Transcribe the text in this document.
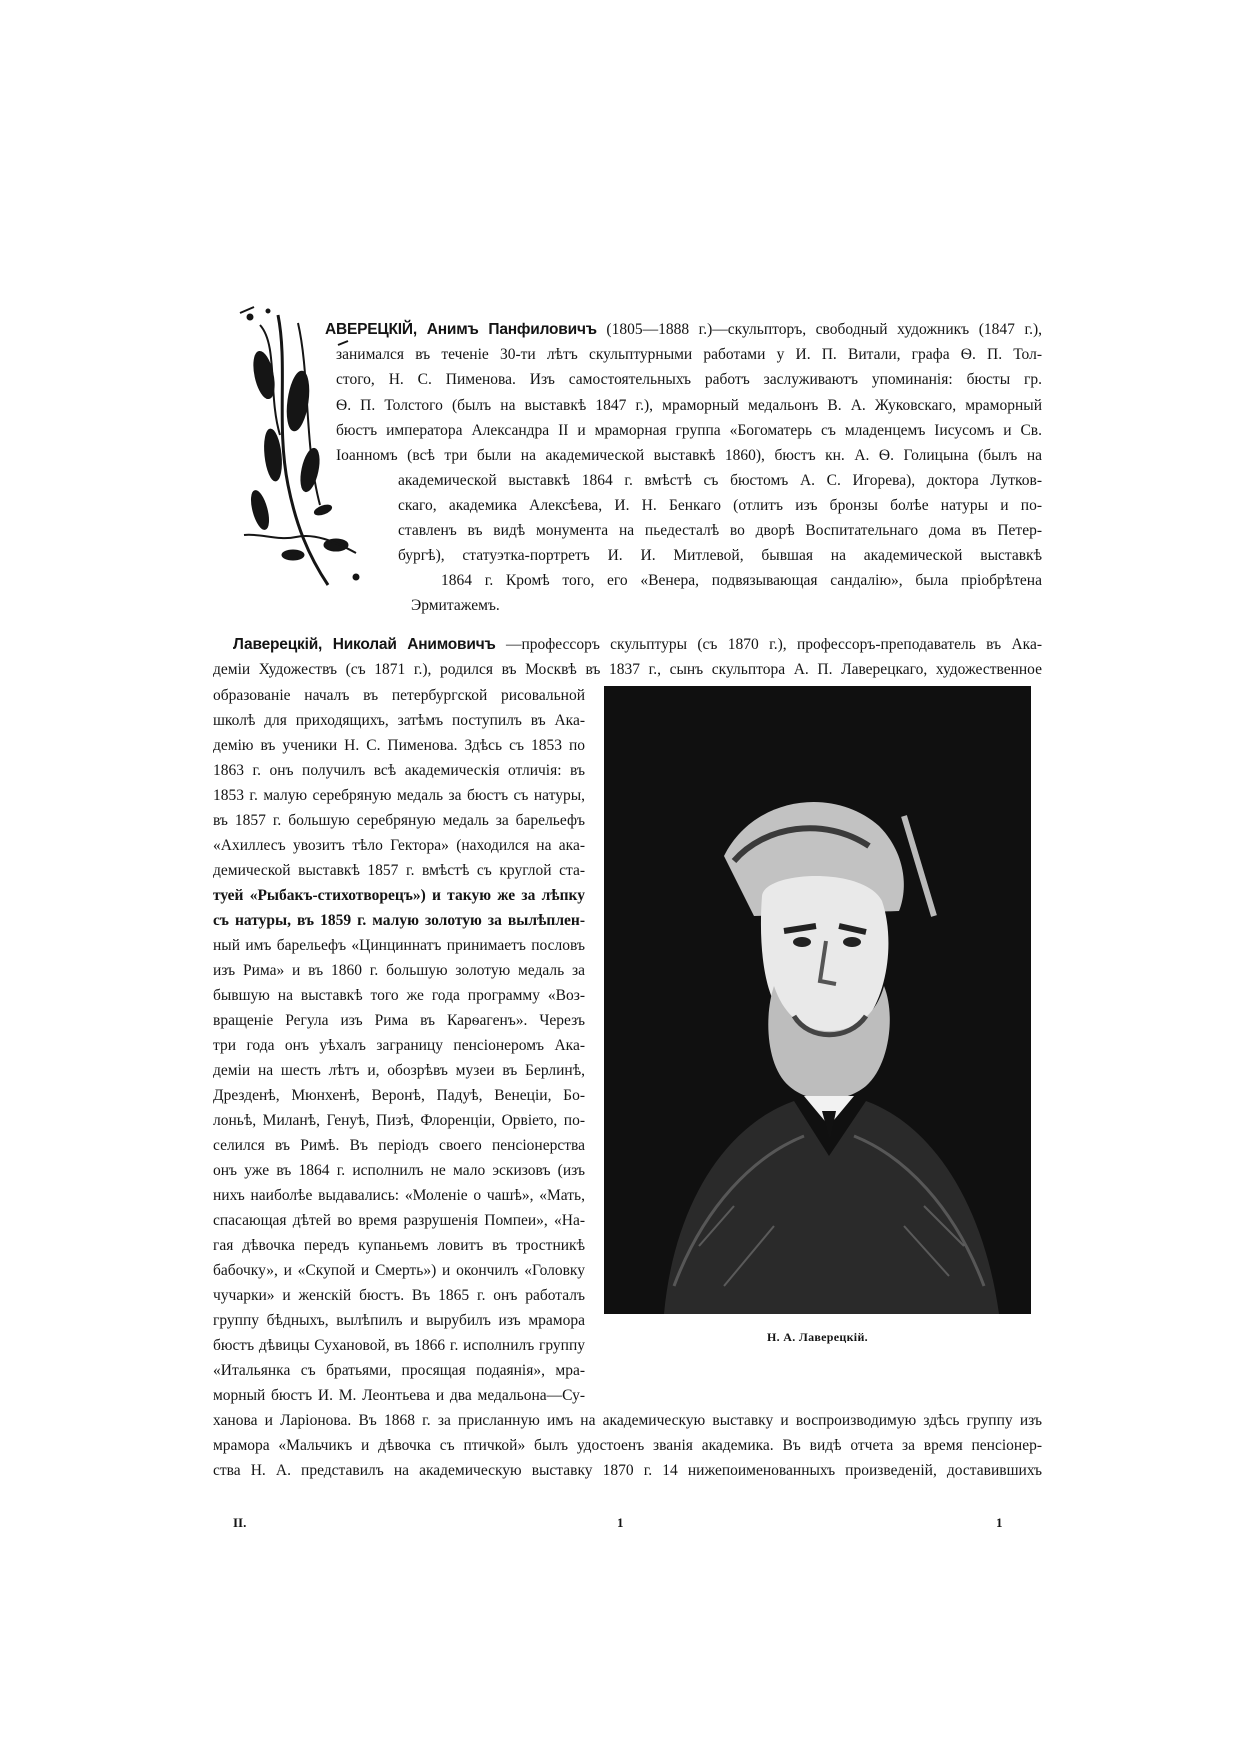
АВЕРЕЦКІЙ, Анимъ Панфиловичъ (1805—1888 г.)—скульпторъ, свободный художникъ (1847 г.),
занимался въ теченіе 30-ти лѣтъ скульптурными работами у И. П. Витали, графа Ѳ. П. Тол-
стого, Н. С. Пименова. Изъ самостоятельныхъ работъ заслуживаютъ упоминанія: бюсты гр.
Ѳ. П. Толстого (былъ на выставкѣ 1847 г.), мраморный медальонъ В. А. Жуковскаго, мраморный
бюстъ императора Александра II и мраморная группа «Богоматерь съ младенцемъ Іисусомъ и Св.
Іоанномъ (всѣ три были на академической выставкѣ 1860), бюстъ кн. А. Ѳ. Голицына (былъ на
академической выставкѣ 1864 г. вмѣстѣ съ бюстомъ А. С. Игорева), доктора Лутков-
скаго, академика Алексѣева, И. Н. Бенкаго (отлитъ изъ бронзы болѣе натуры и по-
ставленъ въ видѣ монумента на пьедесталѣ во дворѣ Воспитательнаго дома въ Петер-
бургѣ), статуэтка-портретъ И. И. Митлевой, бывшая на академической выставкѣ
1864 г. Кромѣ того, его «Венера, подвязывающая сандалію», была пріобрѣтена
Эрмитажемъ.
Лаверецкій, Николай Анимовичъ —профессоръ скульптуры (съ 1870 г.), профессоръ-преподаватель въ Ака-
деміи Художествъ (съ 1871 г.), родился въ Москвѣ въ 1837 г., сынъ скульптора А. П. Лаверецкаго, художественное
образованіе началъ въ петербургской рисовальной
школѣ для приходящихъ, затѣмъ поступилъ въ Ака-
демію въ ученики Н. С. Пименова. Здѣсь съ 1853 по
1863 г. онъ получилъ всѣ академическія отличія: въ
1853 г. малую серебряную медаль за бюстъ съ натуры,
въ 1857 г. большую серебряную медаль за барельефъ
«Ахиллесъ увозитъ тѣло Гектора» (находился на ака-
демической выставкѣ 1857 г. вмѣстѣ съ круглой ста-
туей «Рыбакъ-стихотворецъ») и такую же за лѣпку
съ натуры, въ 1859 г. малую золотую за вылѣплен-
ный имъ барельефъ «Цинциннатъ принимаетъ пословъ
изъ Рима» и въ 1860 г. большую золотую медаль за
бывшую на выставкѣ того же года программу «Воз-
вращеніе Регула изъ Рима въ Карѳагенъ». Черезъ
три года онъ уѣхалъ заграницу пенсіонеромъ Ака-
деміи на шесть лѣтъ и, обозрѣвъ музеи въ Берлинѣ,
Дрезденѣ, Мюнхенѣ, Веронѣ, Падуѣ, Венеціи, Бо-
лоньѣ, Миланѣ, Генуѣ, Пизѣ, Флоренціи, Орвіето, по-
селился въ Римѣ. Въ періодъ своего пенсіонерства
онъ уже въ 1864 г. исполнилъ не мало эскизовъ (изъ
нихъ наиболѣе выдавались: «Моленіе о чашѣ», «Мать,
спасающая дѣтей во время разрушенія Помпеи», «На-
гая дѣвочка передъ купаньемъ ловитъ въ тростникѣ
бабочку», и «Скупой и Смерть») и окончилъ «Головку
чучарки» и женскій бюстъ. Въ 1865 г. онъ работалъ
группу бѣдныхъ, вылѣпилъ и вырубилъ изъ мрамора
бюстъ дѣвицы Сухановой, въ 1866 г. исполнилъ группу
«Итальянка съ братьями, просящая подаянія», мра-
морный бюстъ И. М. Леонтьева и два медальона—Су-
Н. А. Лаверецкій.
II.	1	1
ханова и Ларіонова. Въ 1868 г. за присланную имъ на академическую выставку и воспроизводимую здѣсь группу изъ
мрамора «Мальчикъ и дѣвочка съ птичкой» былъ удостоенъ званія академика. Въ видѣ отчета за время пенсіонер-
ства Н. А. представилъ на академическую выставку 1870 г. 14 нижепоименованныхъ произведеній, доставившихъ
